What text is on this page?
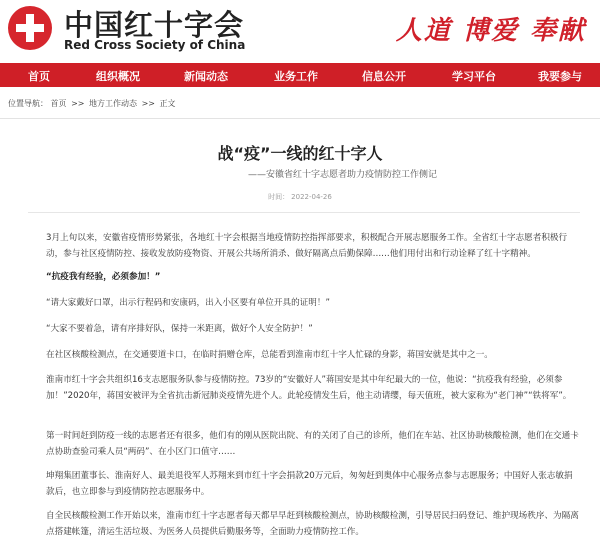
中国红十字会
Red Cross Society of China	人道 博爱 奉献
首页	组织概况	新闻动态	业务工作	信息公开	学习平台	我要参与
位置导航： 首页 >> 地方工作动态 >> 正文
战“疫”一线的红十字人
——安徽省红十字志愿者助力疫情防控工作侧记
时间： 2022-04-26

3月上旬以来，安徽省疫情形势紧张，各地红十字会根据当地疫情防控指挥部要求，积极配合开展志愿服务工作。全省红十字志愿者积极行动，参与社区疫情防控、接收发放防疫物资、开展公共场所消杀、做好隔离点后勤保障……他们用付出和行动诠释了红十字精神。

“抗疫我有经验，必须参加！”

“请大家戴好口罩，出示行程码和安康码，出入小区要有单位开具的证明！”

“大家不要着急，请有序排好队，保持一米距离，做好个人安全防护！”

在社区核酸检测点，在交通要道卡口，在临时捐赠仓库，总能看到淮南市红十字人忙碌的身影，蒋国安就是其中之一。

淮南市红十字会共组织16支志愿服务队参与疫情防控。73岁的“安徽好人”蒋国安是其中年纪最大的一位，他说：“抗疫我有经验，必须参加！”2020年，蒋国安被评为全省抗击新冠肺炎疫情先进个人。此轮疫情发生后，他主动请缨，每天值班，被大家称为“老门神”“铁将军”。

第一时间赶到防疫一线的志愿者还有很多，他们有的刚从医院出院、有的关闭了自己的诊所，他们在车站、社区协助核酸检测，他们在交通卡点协助查验司乘人员“两码”、在小区门口值守……

坤翔集团董事长、淮南好人、最美退役军人苏翔来到市红十字会捐款20万元后，匆匆赶到奥体中心服务点参与志愿服务；中国好人张志敏捐款后，也立即参与到疫情防控志愿服务中。

自全民核酸检测工作开始以来，淮南市红十字志愿者每天都早早赶到核酸检测点，协助核酸检测，引导居民扫码登记、维护现场秩序、为隔离点搭建帐篷，清运生活垃圾、为医务人员提供后勤服务等，全面助力疫情防控工作。
